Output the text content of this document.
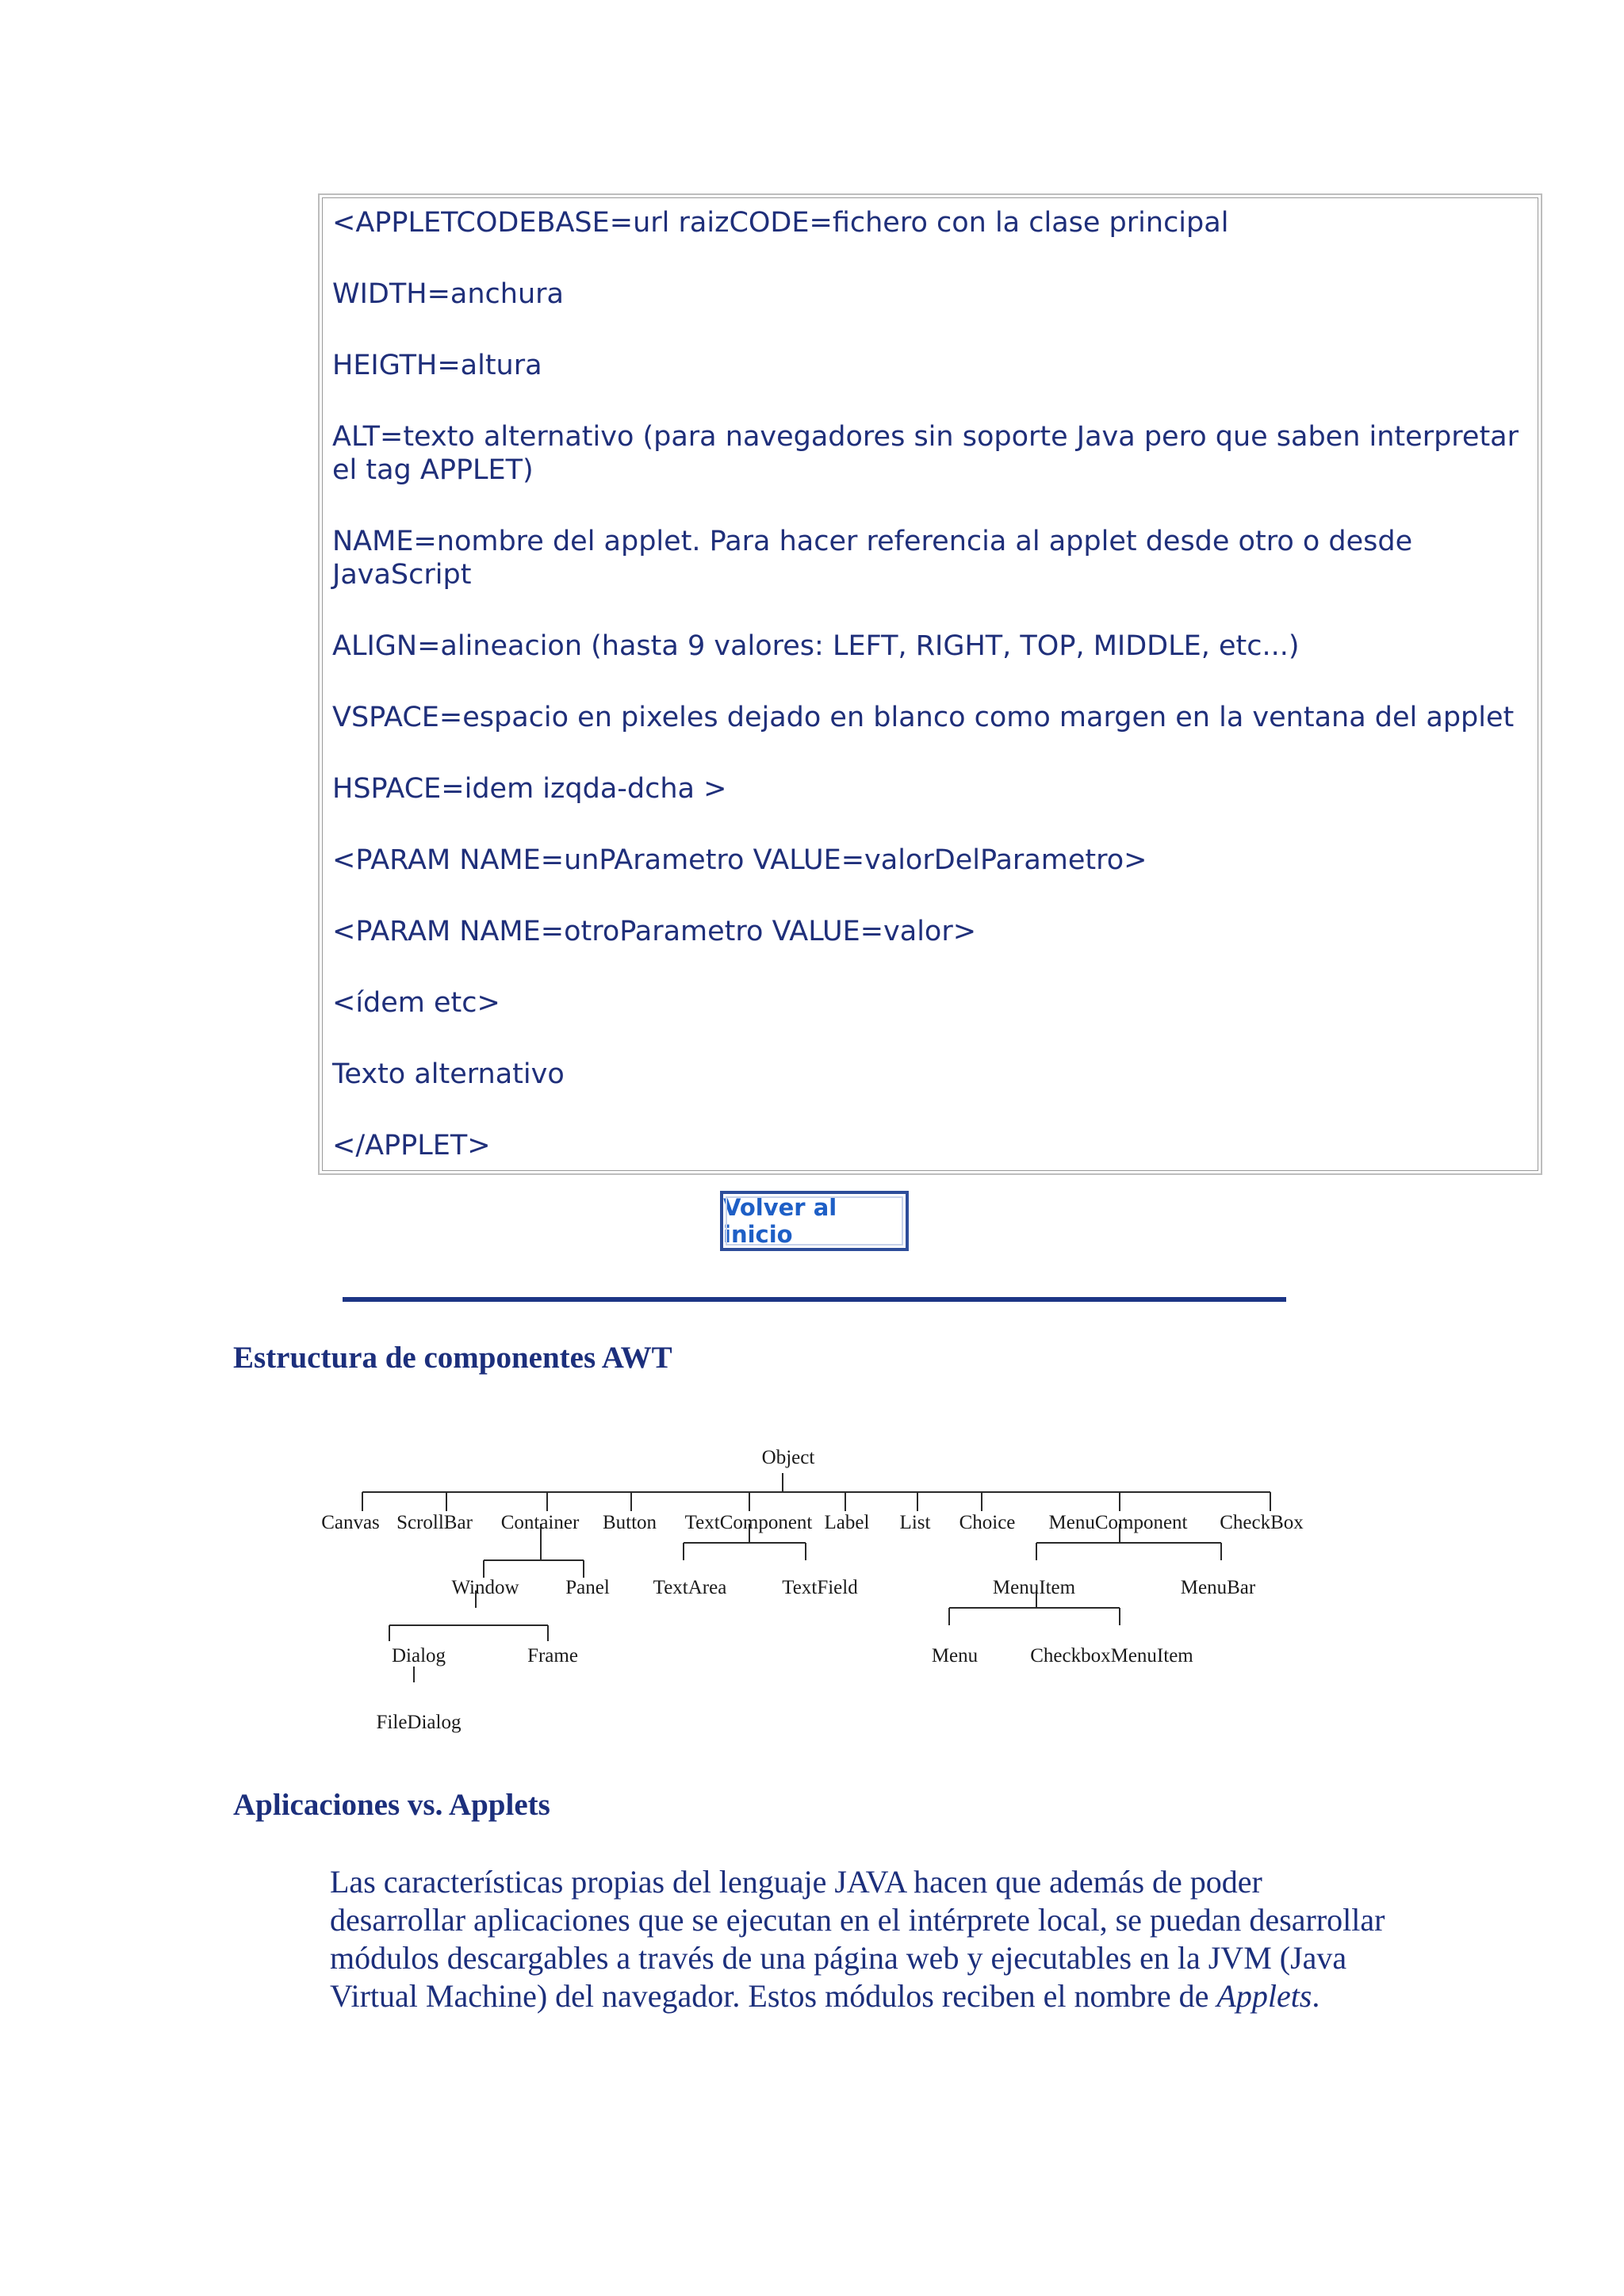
<APPLETCODEBASE=url raizCODE=fichero con la clase principal

WIDTH=anchura

HEIGTH=altura

ALT=texto alternativo (para navegadores sin soporte Java pero que saben interpretar el tag APPLET)

NAME=nombre del applet. Para hacer referencia al applet desde otro o desde JavaScript

ALIGN=alineacion (hasta 9 valores: LEFT, RIGHT, TOP, MIDDLE, etc...)

VSPACE=espacio en pixeles dejado en blanco como margen en la ventana del applet

HSPACE=idem izqda-dcha >

<PARAM NAME=unPArametro VALUE=valorDelParametro>

<PARAM NAME=otroParametro VALUE=valor>

<ídem etc>

Texto alternativo

</APPLET>

Volver al inicio
Estructura de componentes AWT
Object
Canvas ScrollBar Container Button TextComponent Label List Choice MenuComponent CheckBox
Window Panel
Dialog	Frame
FileDialog
TextArea	TextField	MenuItem	MenuBar
Menu	CheckboxMenuItem
Aplicaciones vs. Applets

Las características propias del lenguaje JAVA hacen que además de poder desarrollar aplicaciones que se ejecutan en el intérprete local, se puedan desarrollar módulos descargables a través de una página web y ejecutables en la JVM (Java Virtual Machine) del navegador. Estos módulos reciben el nombre de Applets.
